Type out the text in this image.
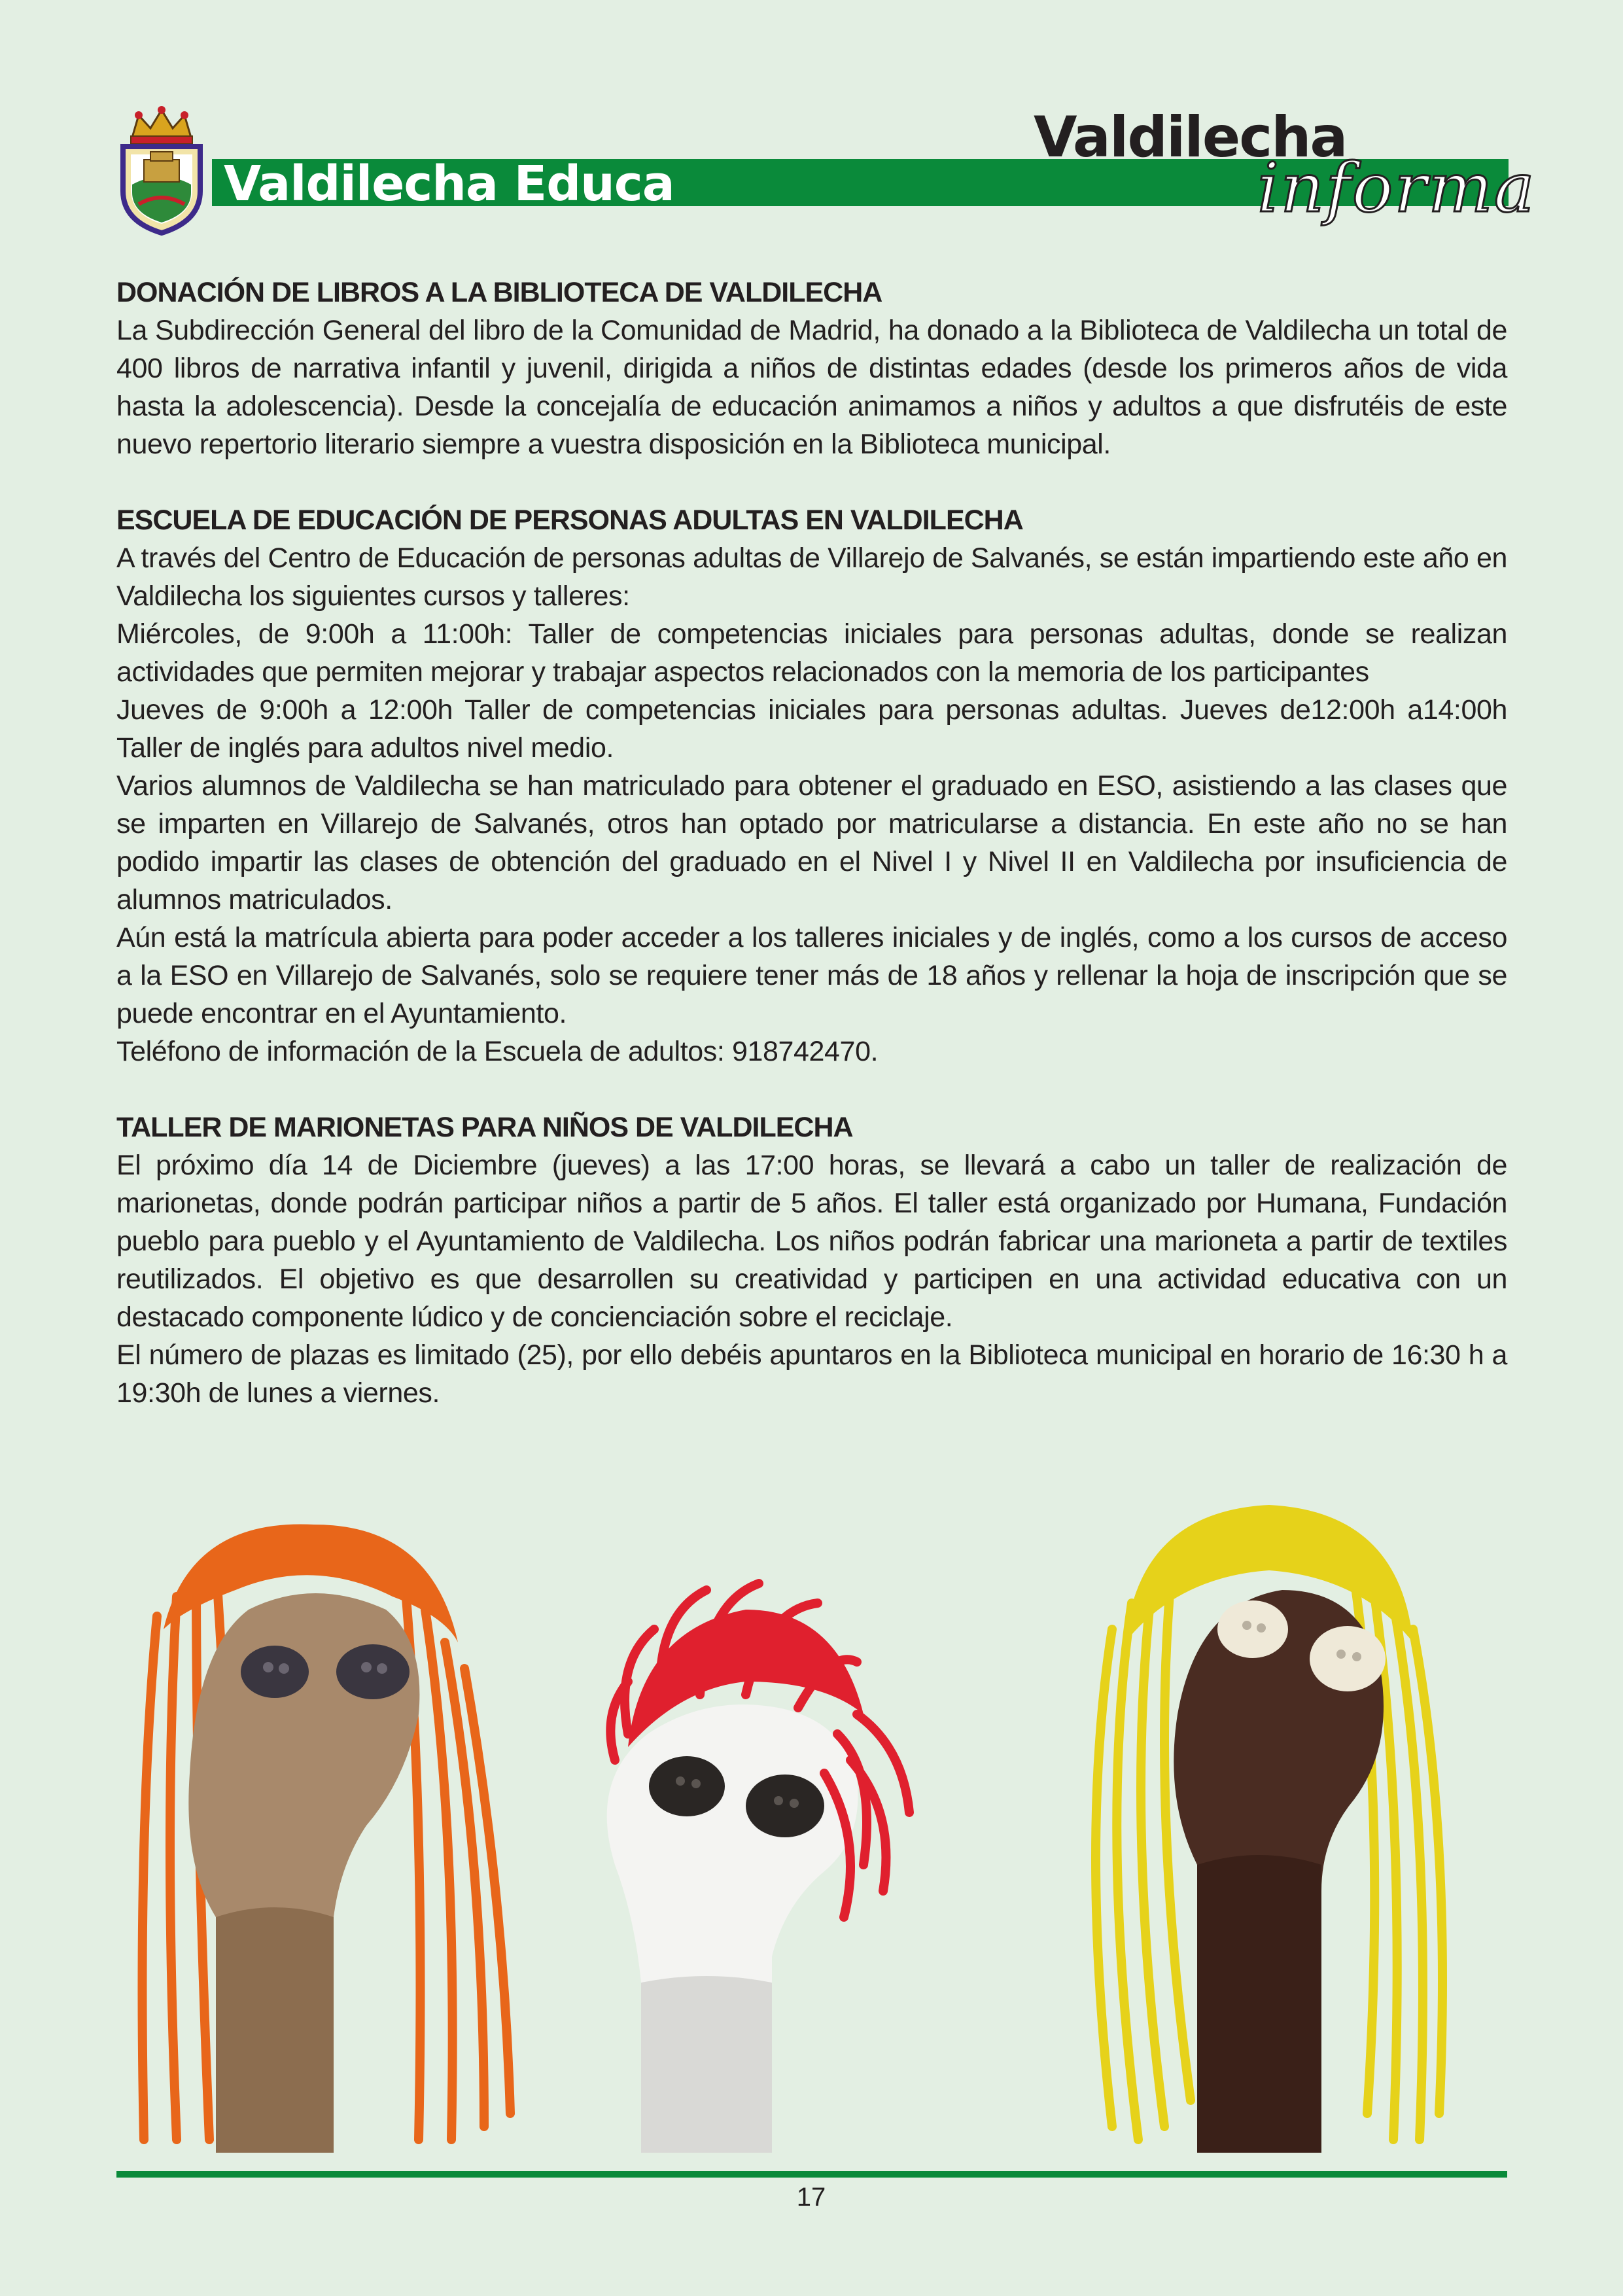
Valdilecha Educa
Valdilecha
informa
DONACIÓN DE LIBROS A LA BIBLIOTECA DE VALDILECHA

La Subdirección General del libro de la Comunidad de Madrid, ha donado a la Biblioteca de Valdilecha un total de 400 libros de narrativa infantil y juvenil, dirigida a niños de distintas edades (desde los primeros años de vida hasta la adolescencia). Desde la concejalía de educación animamos a niños y adultos a que disfrutéis de este nuevo repertorio literario siempre a vuestra disposición en la Biblioteca municipal.

ESCUELA DE EDUCACIÓN DE PERSONAS ADULTAS EN VALDILECHA

A través del Centro de Educación de personas adultas de Villarejo de Salvanés, se están impartiendo este año en Valdilecha los siguientes cursos y talleres:

Miércoles, de 9:00h a 11:00h: Taller de competencias iniciales para personas adultas, donde se realizan actividades que permiten mejorar y trabajar aspectos relacionados con la memoria de los participantes

Jueves de 9:00h a 12:00h Taller de competencias iniciales para personas adultas. Jueves de12:00h a14:00h Taller de inglés para adultos nivel medio.

Varios alumnos de Valdilecha se han matriculado para obtener el graduado en ESO, asistiendo a las clases que se imparten en Villarejo de Salvanés, otros han optado por matricularse a distancia. En este año no se han podido impartir las clases de obtención del graduado en el Nivel I y Nivel II en Valdilecha por insuficiencia de alumnos matriculados.

Aún está la matrícula abierta para poder acceder a los talleres iniciales y de inglés, como a los cursos de acceso a la ESO en Villarejo de Salvanés, solo se requiere tener más de 18 años y rellenar la hoja de inscripción que se puede encontrar en el Ayuntamiento.

Teléfono de información de la Escuela de adultos: 918742470.

TALLER DE MARIONETAS PARA NIÑOS DE VALDILECHA

El próximo día 14 de Diciembre (jueves) a las 17:00 horas, se llevará a cabo un taller de realización de marionetas, donde podrán participar niños a partir de 5 años. El taller está organizado por Humana, Fundación pueblo para pueblo y el Ayuntamiento de Valdilecha. Los niños podrán fabricar una marioneta a partir de textiles reutilizados. El objetivo es que desarrollen su creatividad y participen en una actividad educativa con un destacado componente lúdico y de concienciación sobre el reciclaje.

El número de plazas es limitado (25), por ello debéis apuntaros en la Biblioteca municipal en horario de 16:30 h a 19:30h de lunes a viernes.

17
